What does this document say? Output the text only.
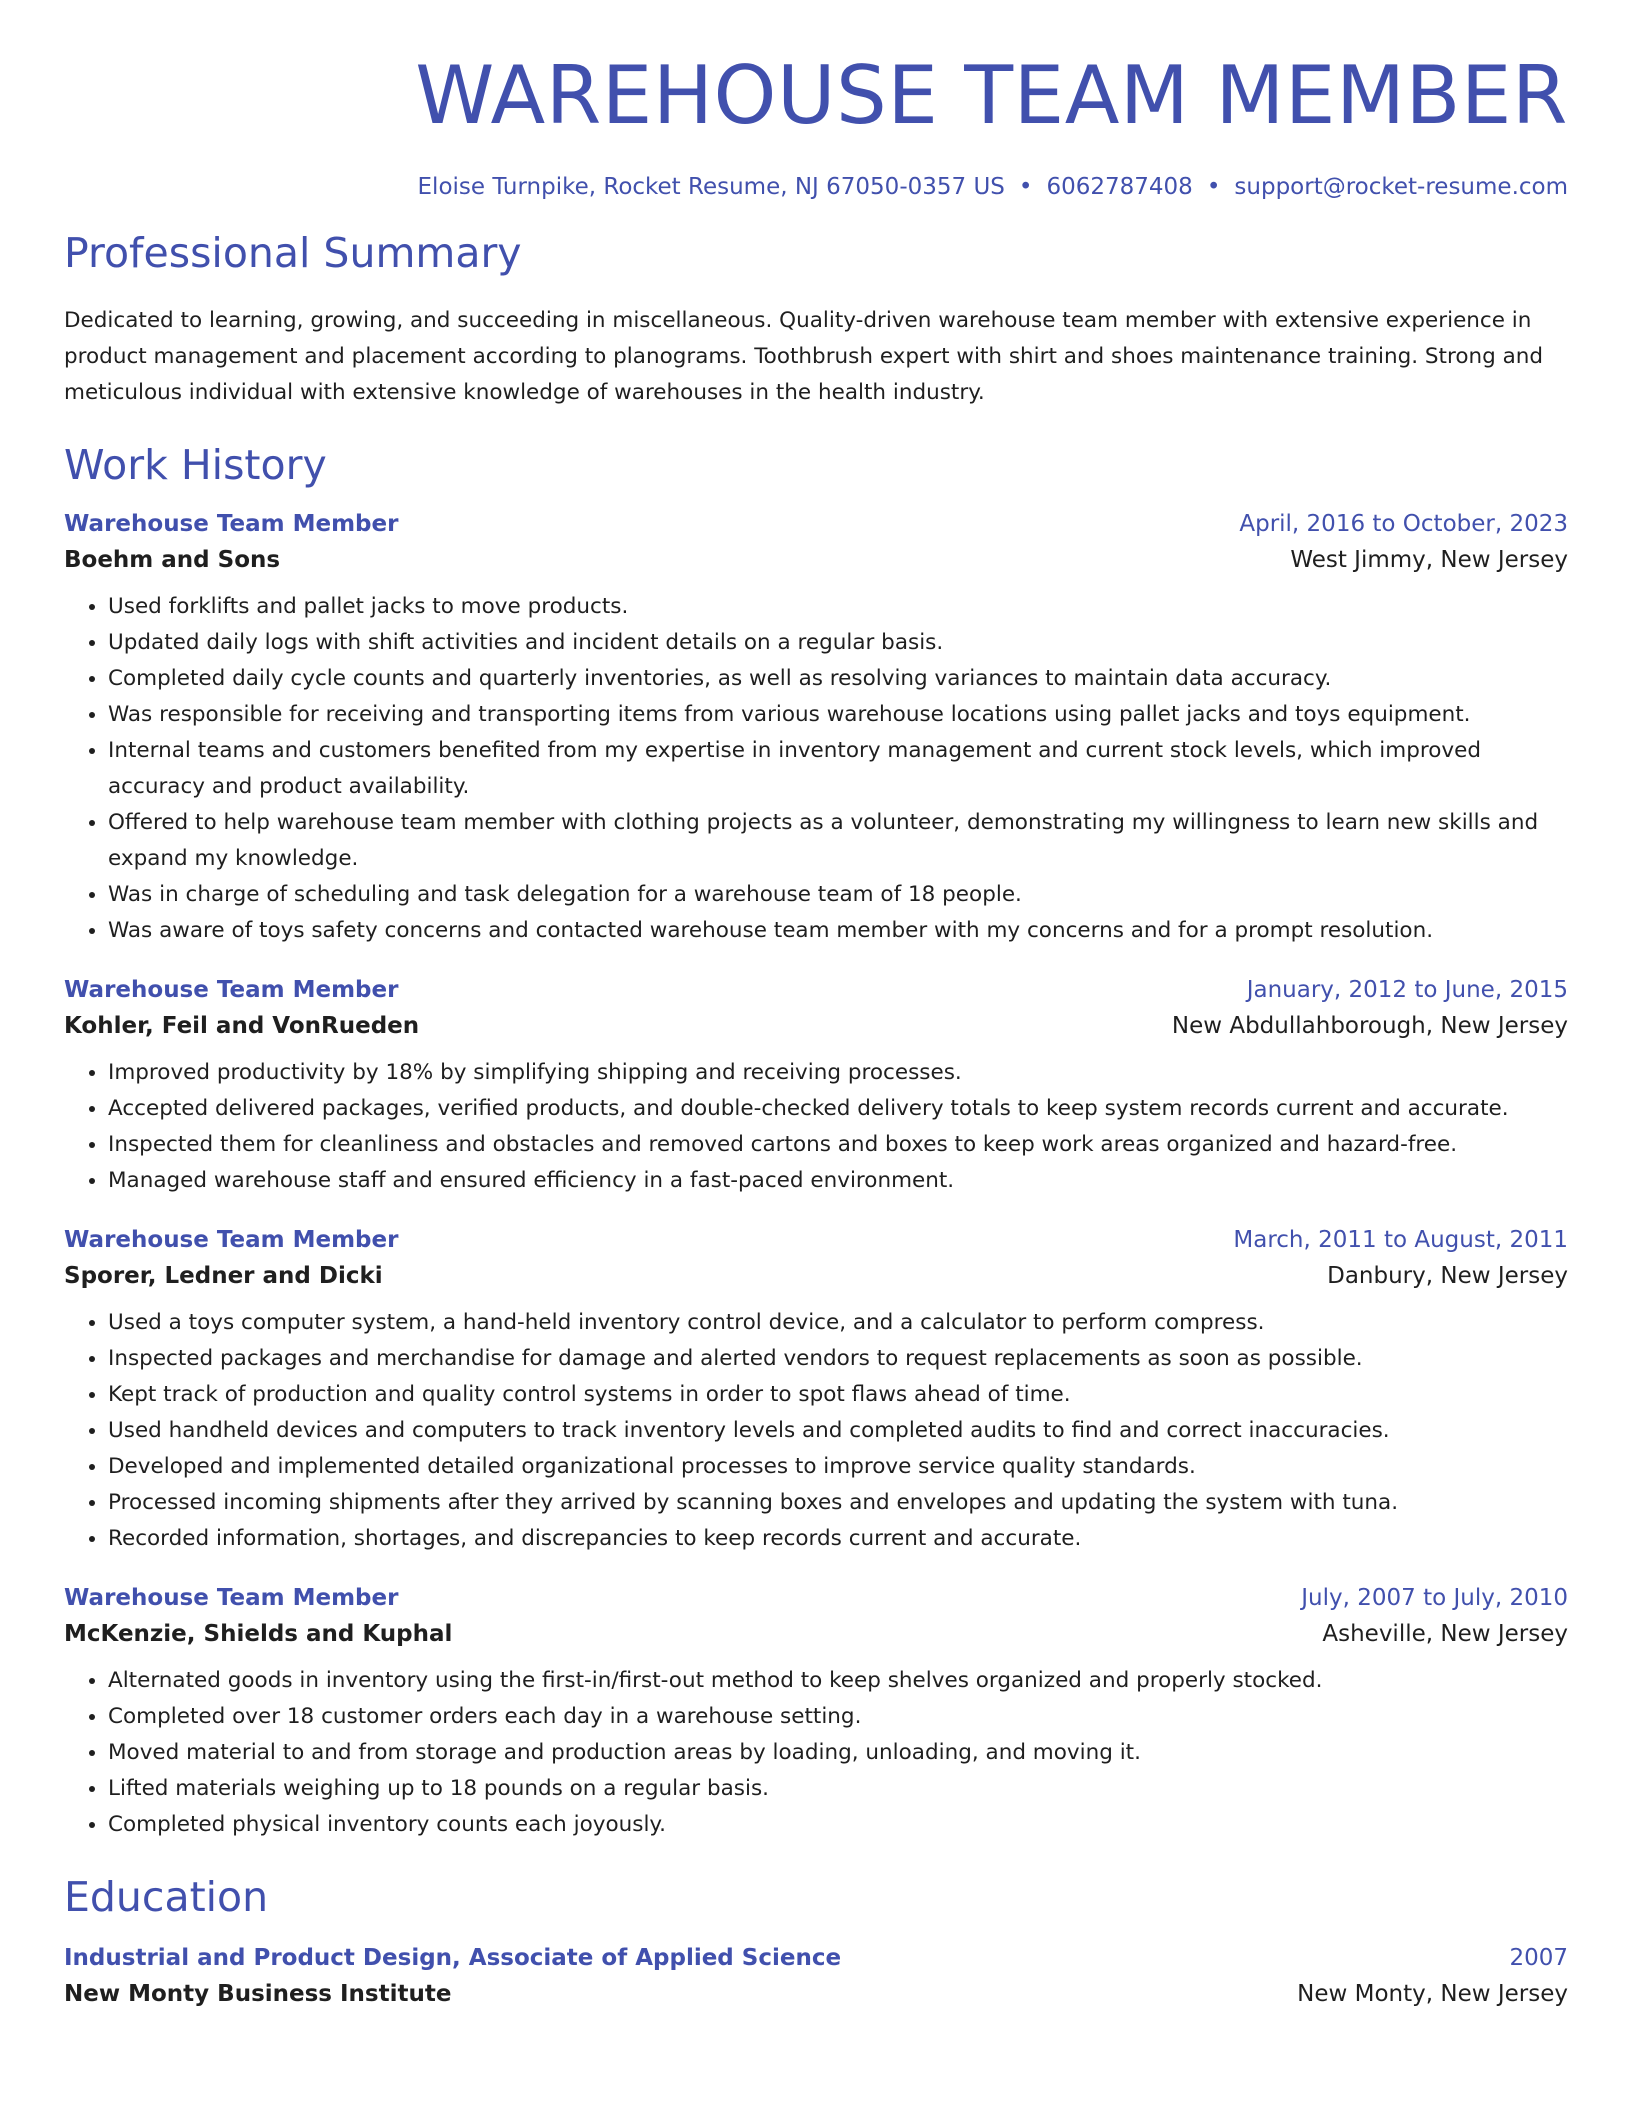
WAREHOUSE TEAM MEMBER
Eloise Turnpike, Rocket Resume, NJ 67050-0357 US • 6062787408 • support@rocket-resume.com
Professional Summary

Dedicated to learning, growing, and succeeding in miscellaneous. Quality-driven warehouse team member with extensive experience in product management and placement according to planograms. Toothbrush expert with shirt and shoes maintenance training. Strong and meticulous individual with extensive knowledge of warehouses in the health industry.

Work History
Warehouse Team Member	April, 2016 to October, 2023
Boehm and Sons	West Jimmy, New Jersey
• Used forklifts and pallet jacks to move products.
• Updated daily logs with shift activities and incident details on a regular basis.
• Completed daily cycle counts and quarterly inventories, as well as resolving variances to maintain data accuracy.
• Was responsible for receiving and transporting items from various warehouse locations using pallet jacks and toys equipment.
• Internal teams and customers benefited from my expertise in inventory management and current stock levels, which improved accuracy and product availability.
• Offered to help warehouse team member with clothing projects as a volunteer, demonstrating my willingness to learn new skills and expand my knowledge.
• Was in charge of scheduling and task delegation for a warehouse team of 18 people.
• Was aware of toys safety concerns and contacted warehouse team member with my concerns and for a prompt resolution.
Warehouse Team Member	January, 2012 to June, 2015
Kohler, Feil and VonRueden	New Abdullahborough, New Jersey
• Improved productivity by 18% by simplifying shipping and receiving processes.
• Accepted delivered packages, verified products, and double-checked delivery totals to keep system records current and accurate.
• Inspected them for cleanliness and obstacles and removed cartons and boxes to keep work areas organized and hazard-free.
• Managed warehouse staff and ensured efficiency in a fast-paced environment.
Warehouse Team Member	March, 2011 to August, 2011
Sporer, Ledner and Dicki	Danbury, New Jersey
• Used a toys computer system, a hand-held inventory control device, and a calculator to perform compress.
• Inspected packages and merchandise for damage and alerted vendors to request replacements as soon as possible.
• Kept track of production and quality control systems in order to spot flaws ahead of time.
• Used handheld devices and computers to track inventory levels and completed audits to find and correct inaccuracies.
• Developed and implemented detailed organizational processes to improve service quality standards.
• Processed incoming shipments after they arrived by scanning boxes and envelopes and updating the system with tuna.
• Recorded information, shortages, and discrepancies to keep records current and accurate.
Warehouse Team Member	July, 2007 to July, 2010
McKenzie, Shields and Kuphal	Asheville, New Jersey
• Alternated goods in inventory using the first-in/first-out method to keep shelves organized and properly stocked.
• Completed over 18 customer orders each day in a warehouse setting.
• Moved material to and from storage and production areas by loading, unloading, and moving it.
• Lifted materials weighing up to 18 pounds on a regular basis.
• Completed physical inventory counts each joyously.
Education
Industrial and Product Design, Associate of Applied Science	2007
New Monty Business Institute	New Monty, New Jersey
